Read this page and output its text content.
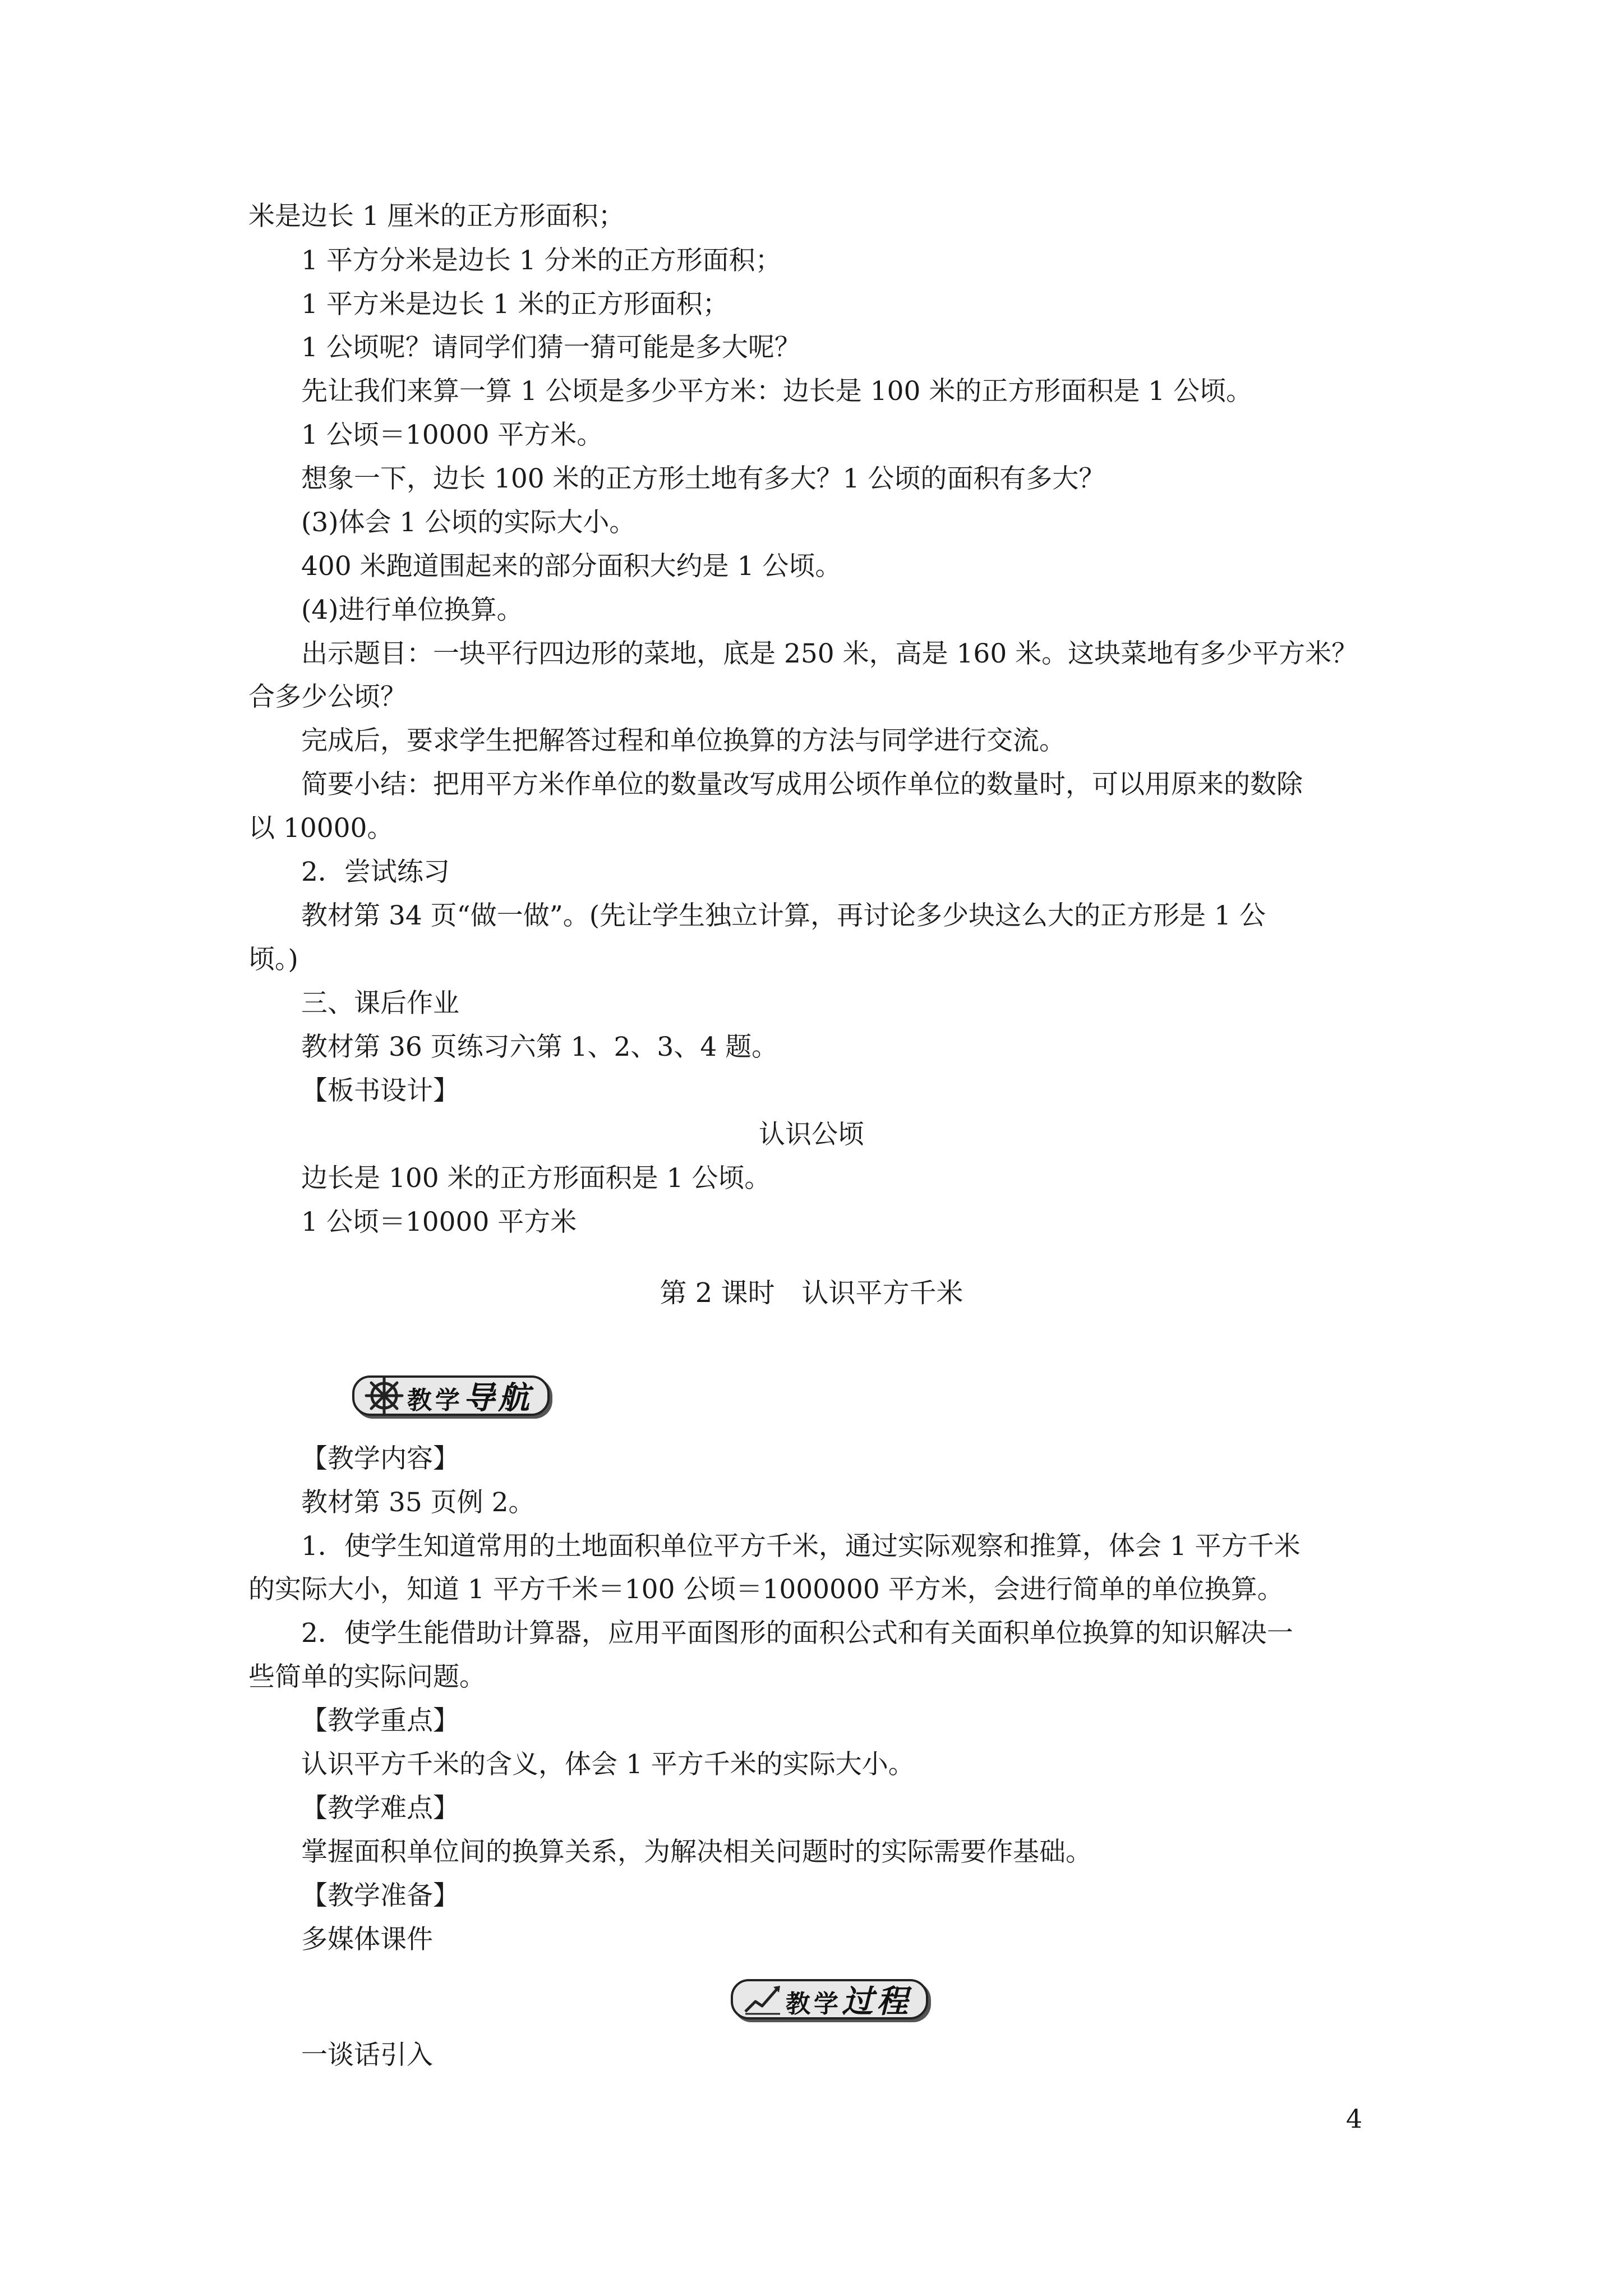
米是边长 1 厘米的正方形面积；
1 平方分米是边长 1 分米的正方形面积；
1 平方米是边长 1 米的正方形面积；
1 公顷呢？请同学们猜一猜可能是多大呢？
先让我们来算一算 1 公顷是多少平方米：边长是 100 米的正方形面积是 1 公顷。
1 公顷＝10000 平方米。
想象一下，边长 100 米的正方形土地有多大？1 公顷的面积有多大？
(3)体会 1 公顷的实际大小。
400 米跑道围起来的部分面积大约是 1 公顷。
(4)进行单位换算。
出示题目：一块平行四边形的菜地，底是 250 米，高是 160 米。这块菜地有多少平方米？
合多少公顷？
完成后，要求学生把解答过程和单位换算的方法与同学进行交流。
简要小结：把用平方米作单位的数量改写成用公顷作单位的数量时，可以用原来的数除
以 10000。
2．尝试练习
教材第 34 页“做一做”。(先让学生独立计算，再讨论多少块这么大的正方形是 1 公
顷。)
三、课后作业
教材第 36 页练习六第 1、2、3、4 题。
【板书设计】
认识公顷
边长是 100 米的正方形面积是 1 公顷。
1 公顷＝10000 平方米
第 2 课时　认识平方千米
教学导航
【教学内容】
教材第 35 页例 2。
1．使学生知道常用的土地面积单位平方千米，通过实际观察和推算，体会 1 平方千米
的实际大小，知道 1 平方千米＝100 公顷＝1000000 平方米，会进行简单的单位换算。
2．使学生能借助计算器，应用平面图形的面积公式和有关面积单位换算的知识解决一
些简单的实际问题。
【教学重点】
认识平方千米的含义，体会 1 平方千米的实际大小。
【教学难点】
掌握面积单位间的换算关系，为解决相关问题时的实际需要作基础。
【教学准备】
多媒体课件
教学过程
一谈话引入
4
